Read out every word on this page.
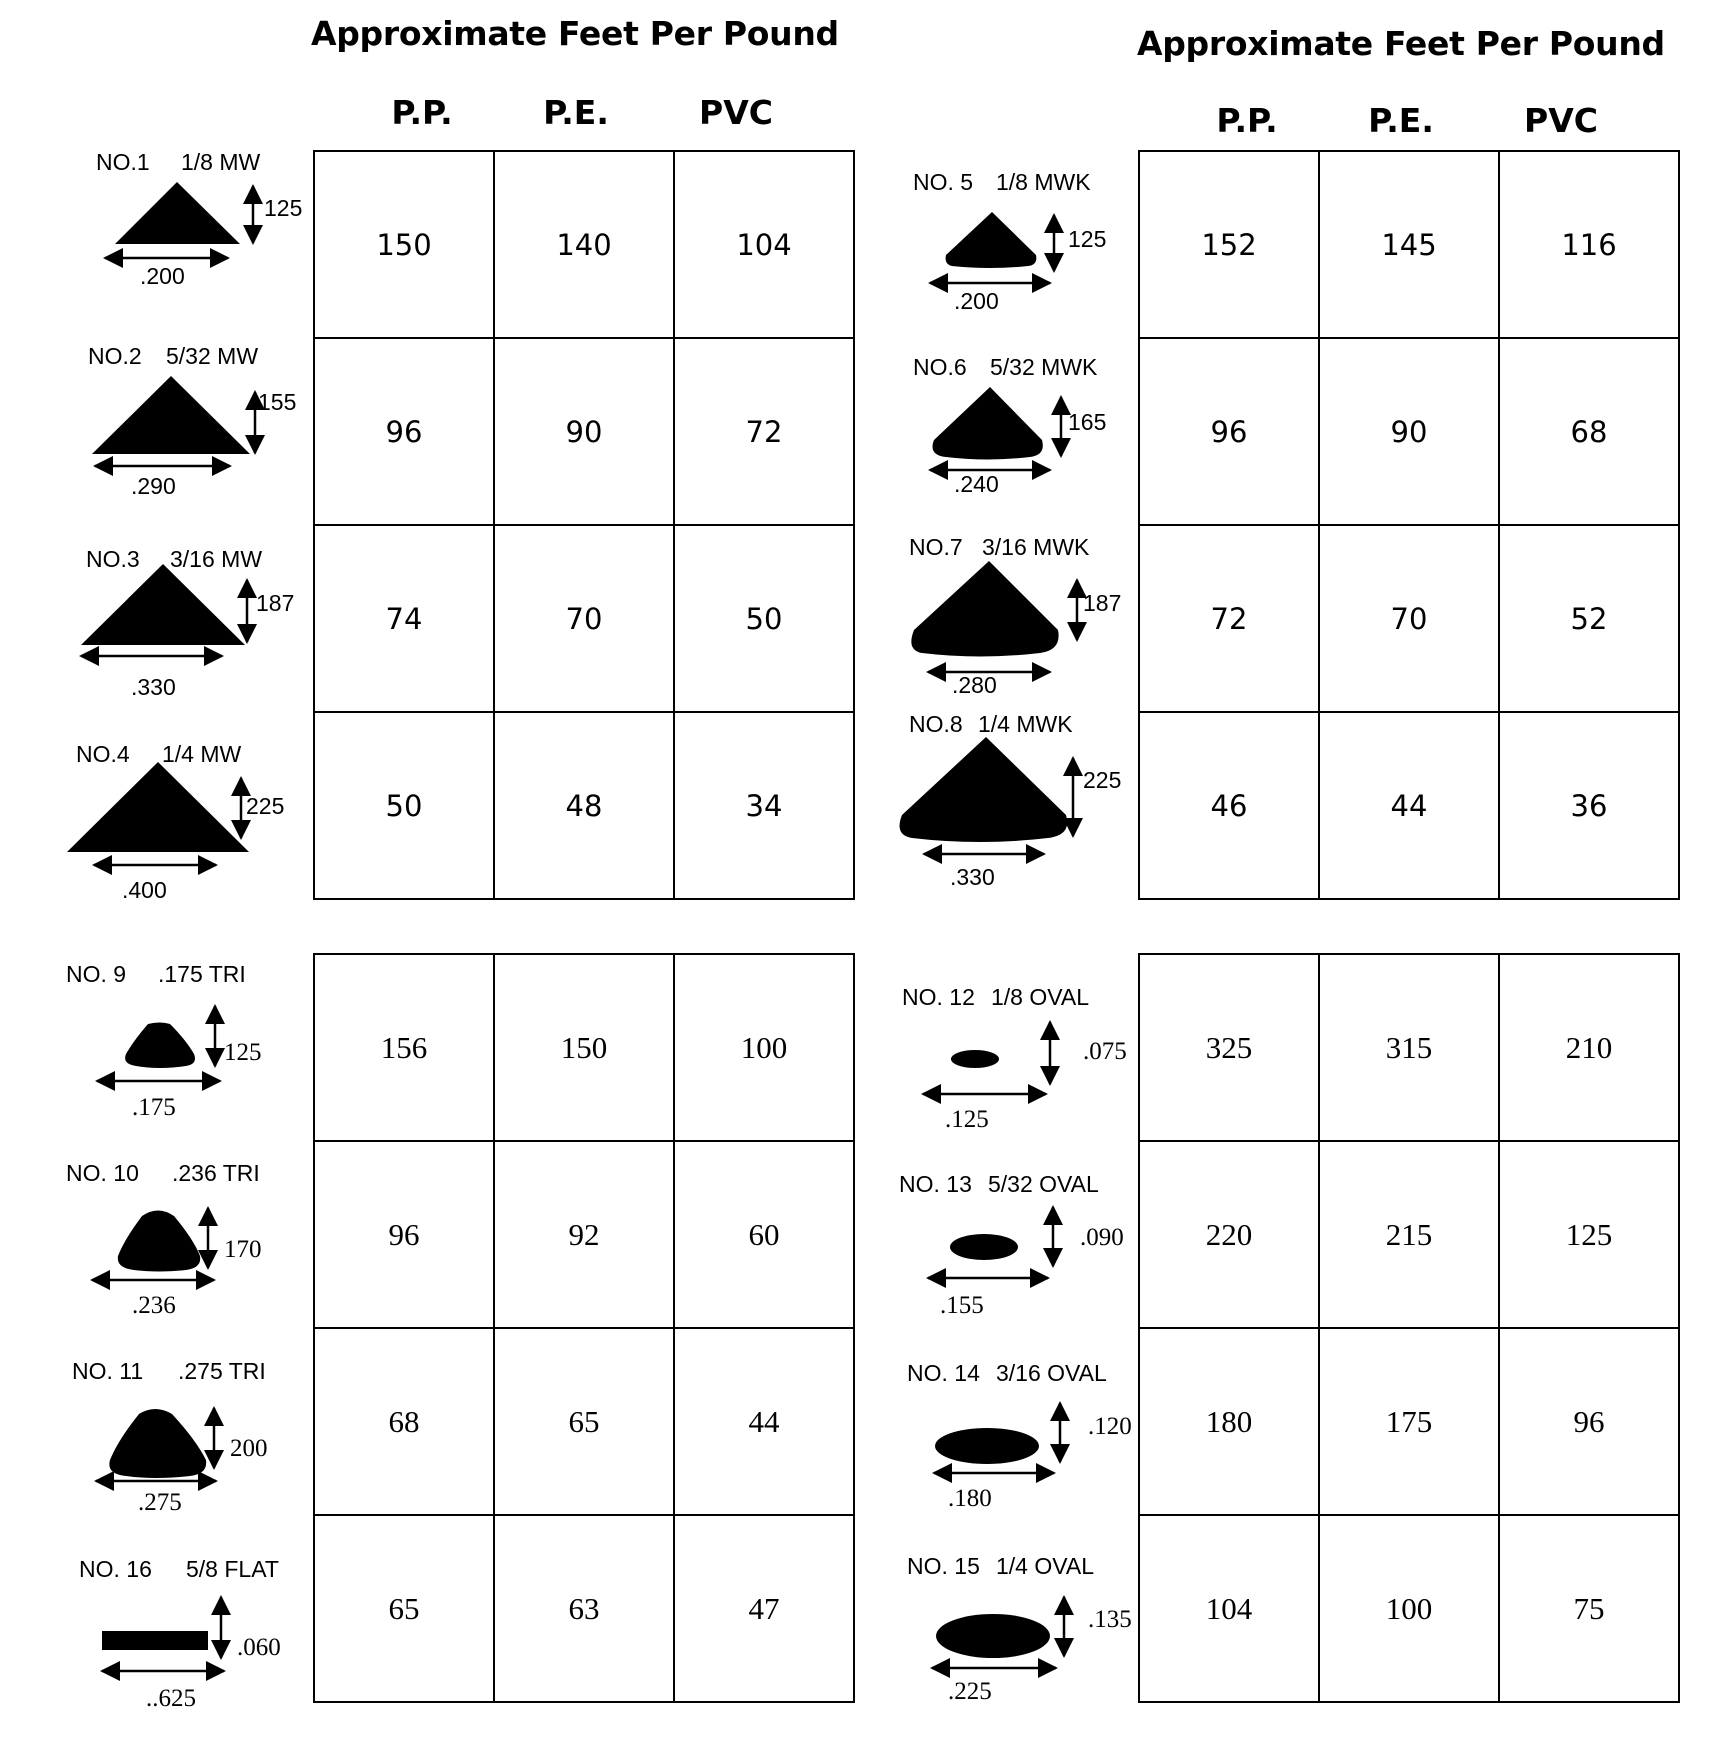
Approximate Feet Per Pound	Approximate Feet Per Pound
P.P.	P.E.	PVC	P.P.	P.E.	PVC
150	140	104
96	90	72
74	70	50
50	48	34
152	145	116
96	90	68
72	70	52
46	44	36
156	150	100
96	92	60
68	65	44
65	63	47
325	315	210
220	215	125
180	175	96
104	100	75
NO.1 1/8 MW
125
.200
NO.2 5/32 MW
155
.290
NO.3 3/16 MW
187
.330
NO.4 1/4 MW
225
.400
NO. 5 1/8 MWK
125
.200
NO.6 5/32 MWK
165
.240
NO.7 3/16 MWK
187
.280
NO.8 1/4 MWK
225
.330
NO. 9 .175 TRI
125
.175
NO. 10 .236 TRI
170
.236
NO. 11 .275 TRI
200
.275
NO. 16 5/8 FLAT
.060
..625
NO. 12 1/8 OVAL
.075
.125
NO. 13 5/32 OVAL
.090
.155
NO. 14 3/16 OVAL
.120
.180
NO. 15 1/4 OVAL
.135
.225
